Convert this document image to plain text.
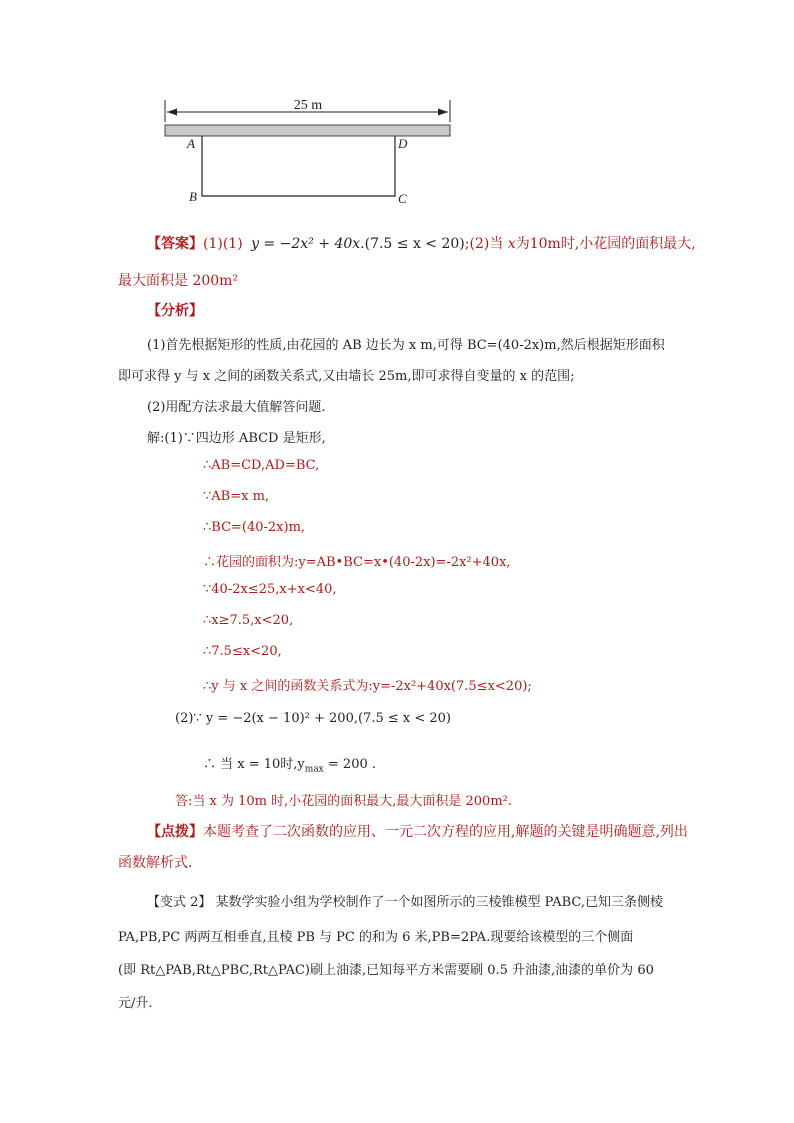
25 m
A	D
B	C
【答案】(1)(1) y = −2x² + 40x.(7.5 ≤ x < 20);(2)当 x为10m时,小花园的面积最大,
最大面积是 200m²
【分析】
(1)首先根据矩形的性质,由花园的 AB 边长为 x m,可得 BC=(40-2x)m,然后根据矩形面积
即可求得 y 与 x 之间的函数关系式,又由墙长 25m,即可求得自变量的 x 的范围;
(2)用配方法求最大值解答问题.
解:(1)∵四边形 ABCD 是矩形,
∴AB=CD,AD=BC,
∵AB=x m,
∴BC=(40-2x)m,
∴花园的面积为:y=AB•BC=x•(40-2x)=-2x²+40x,
∵40-2x≤25,x+x<40,
∴x≥7.5,x<20,
∴7.5≤x<20,
∴y 与 x 之间的函数关系式为:y=-2x²+40x(7.5≤x<20);
(2)∵ y = −2(x − 10)² + 200,(7.5 ≤ x < 20)
∴ 当 x = 10时$,y_{max} = 200$ .
答:当 x 为 10m 时,小花园的面积最大,最大面积是 200m².
【点拨】本题考查了二次函数的应用、一元二次方程的应用,解题的关键是明确题意,列出
函数解析式.
【变式 2】 某数学实验小组为学校制作了一个如图所示的三棱锥模型 PABC,已知三条侧棱
PA,PB,PC 两两互相垂直,且棱 PB 与 PC 的和为 6 米,PB=2PA.现要给该模型的三个侧面
(即 Rt△PAB,Rt△PBC,Rt△PAC)刷上油漆,已知每平方米需要刷 0.5 升油漆,油漆的单价为 60
元/升.
